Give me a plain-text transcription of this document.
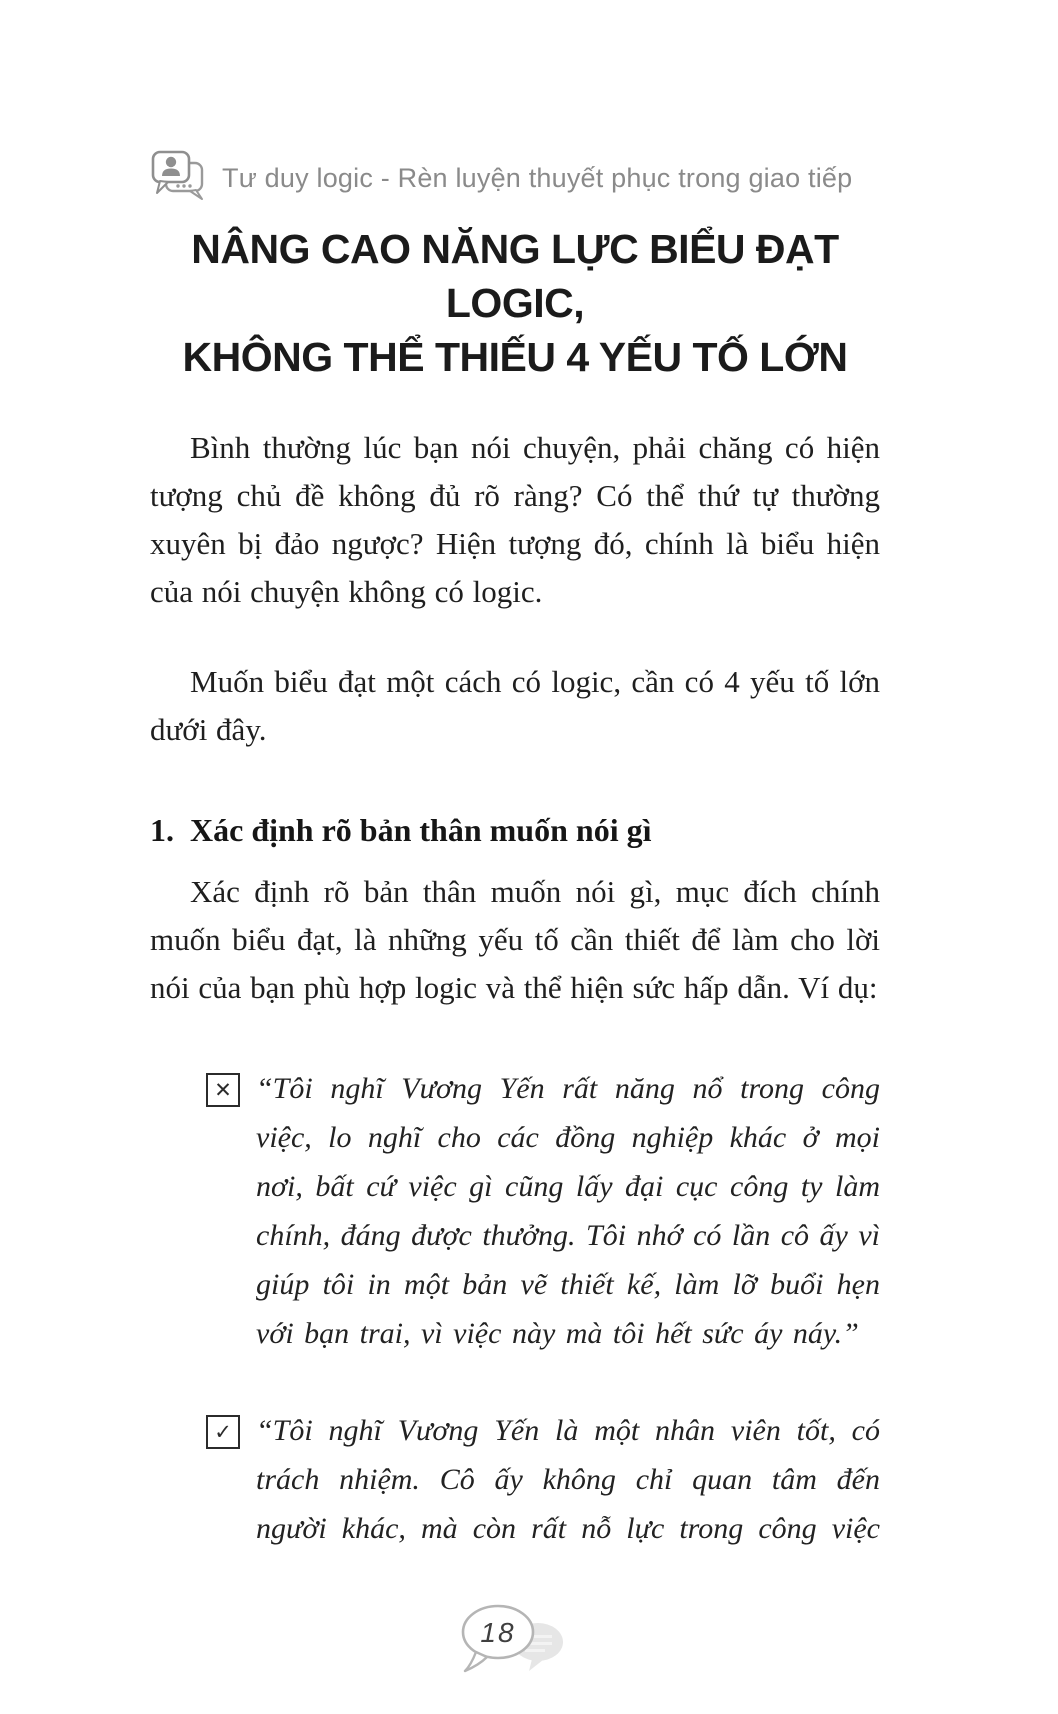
Tư duy logic - Rèn luyện thuyết phục trong giao tiếp
NÂNG CAO NĂNG LỰC BIỂU ĐẠT LOGIC,
KHÔNG THỂ THIẾU 4 YẾU TỐ LỚN

Bình thường lúc bạn nói chuyện, phải chăng có hiện tượng chủ đề không đủ rõ ràng? Có thể thứ tự thường xuyên bị đảo ngược? Hiện tượng đó, chính là biểu hiện của nói chuyện không có logic.

Muốn biểu đạt một cách có logic, cần có 4 yếu tố lớn dưới đây.

1. Xác định rõ bản thân muốn nói gì

Xác định rõ bản thân muốn nói gì, mục đích chính muốn biểu đạt, là những yếu tố cần thiết để làm cho lời nói của bạn phù hợp logic và thể hiện sức hấp dẫn. Ví dụ:

✕ “Tôi nghĩ Vương Yến rất năng nổ trong công việc, lo nghĩ cho các đồng nghiệp khác ở mọi nơi, bất cứ việc gì cũng lấy đại cục công ty làm chính, đáng được thưởng. Tôi nhớ có lần cô ấy vì giúp tôi in một bản vẽ thiết kế, làm lỡ buổi hẹn với bạn trai, vì việc này mà tôi hết sức áy náy.”
✓ “Tôi nghĩ Vương Yến là một nhân viên tốt, có trách nhiệm. Cô ấy không chỉ quan tâm đến người khác, mà còn rất nỗ lực trong công việc
18
